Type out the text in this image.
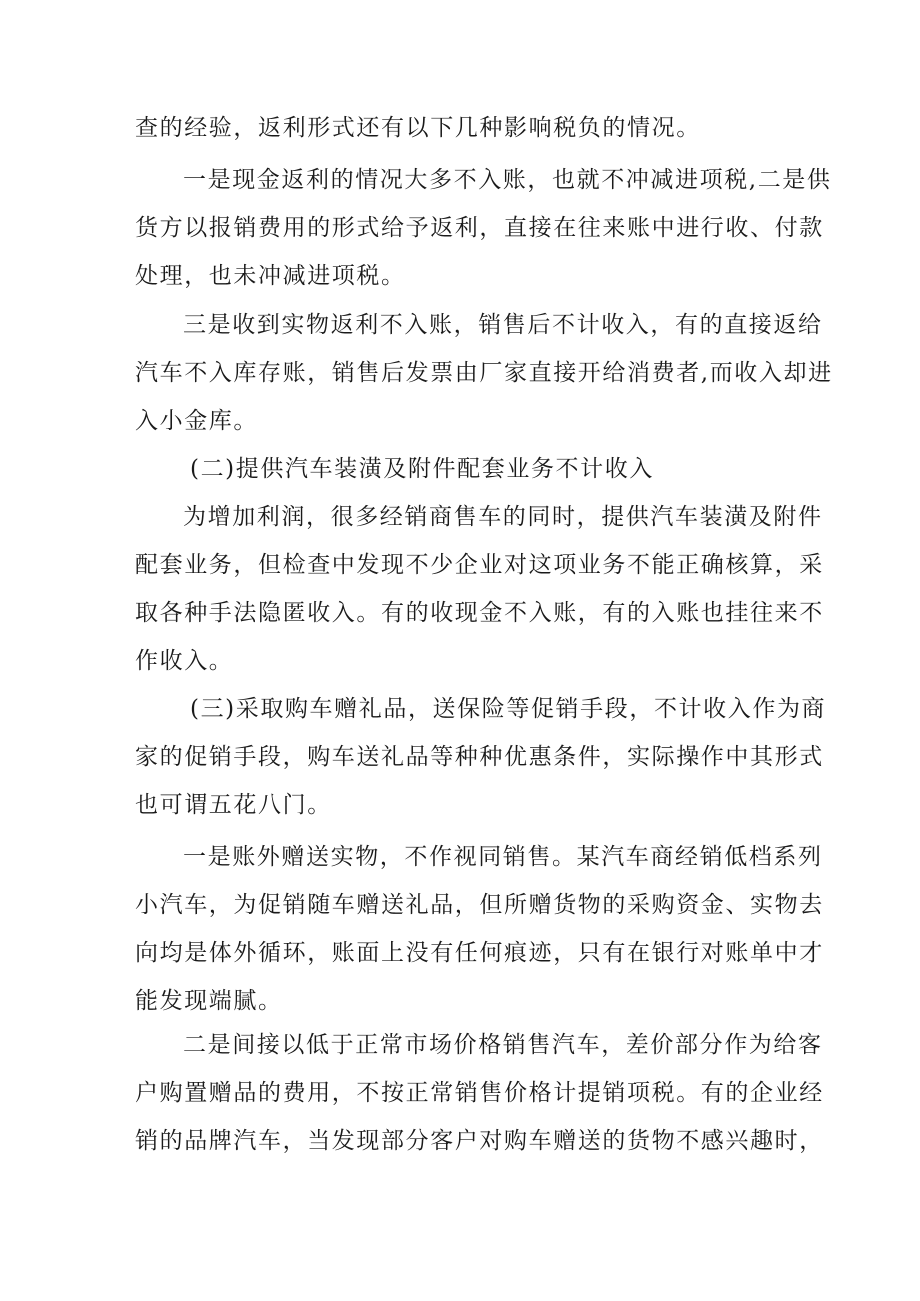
查的经验，返利形式还有以下几种影响税负的情况。
一是现金返利的情况大多不入账，也就不冲减进项税,二是供
货方以报销费用的形式给予返利，直接在往来账中进行收、付款
处理，也未冲减进项税。
三是收到实物返利不入账，销售后不计收入，有的直接返给
汽车不入库存账，销售后发票由厂家直接开给消费者,而收入却进
入小金库。
(二)提供汽车装潢及附件配套业务不计收入
为增加利润，很多经销商售车的同时，提供汽车装潢及附件
配套业务，但检查中发现不少企业对这项业务不能正确核算，采
取各种手法隐匿收入。有的收现金不入账，有的入账也挂往来不
作收入。
(三)采取购车赠礼品，送保险等促销手段，不计收入作为商
家的促销手段，购车送礼品等种种优惠条件，实际操作中其形式
也可谓五花八门。
一是账外赠送实物，不作视同销售。某汽车商经销低档系列
小汽车，为促销随车赠送礼品，但所赠货物的采购资金、实物去
向均是体外循环，账面上没有任何痕迹，只有在银行对账单中才
能发现端腻。
二是间接以低于正常市场价格销售汽车，差价部分作为给客
户购置赠品的费用，不按正常销售价格计提销项税。有的企业经
销的品牌汽车，当发现部分客户对购车赠送的货物不感兴趣时，
